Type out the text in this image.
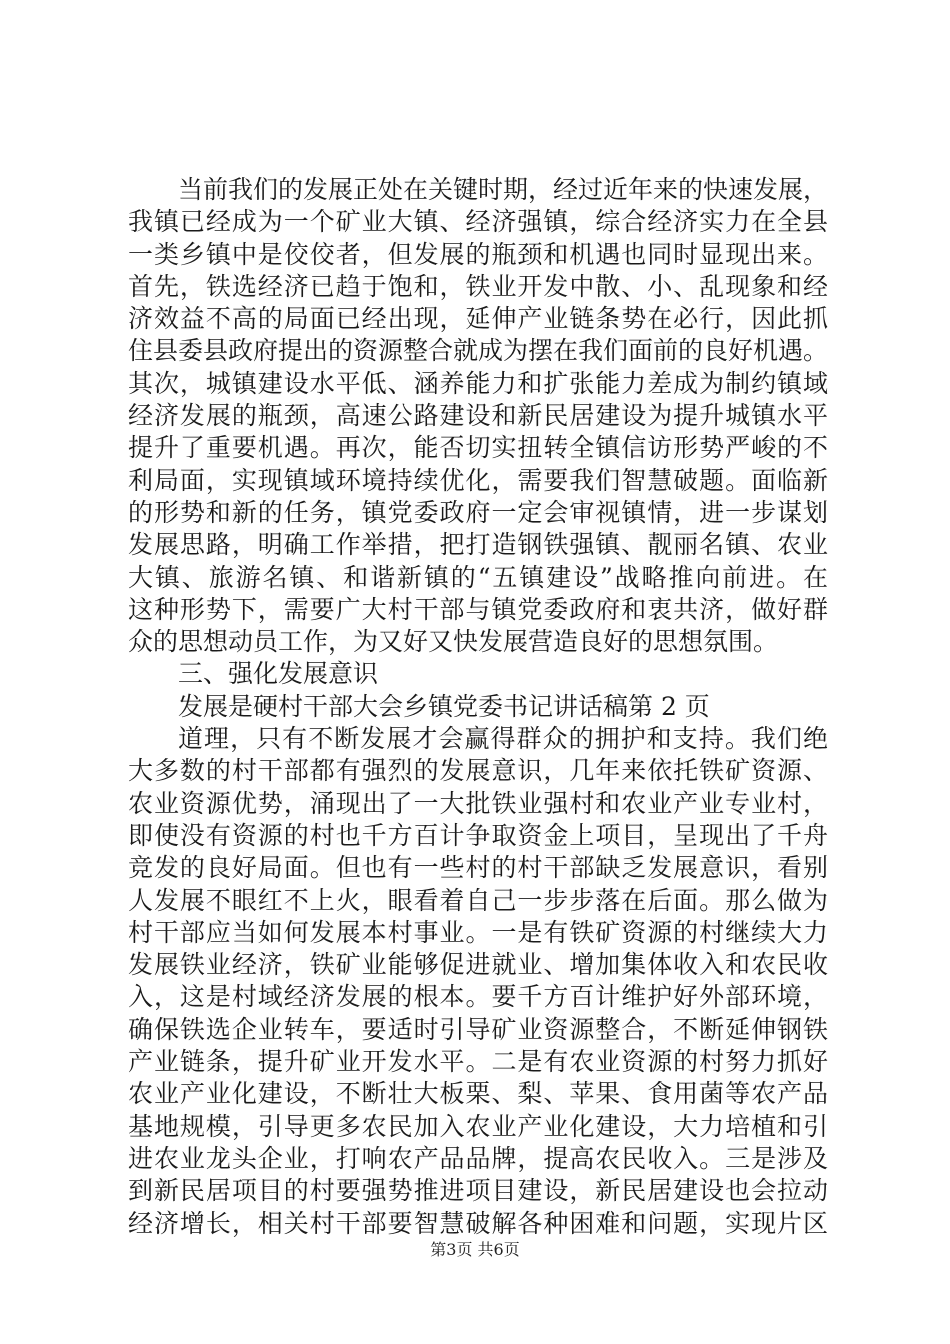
当前我们的发展正处在关键时期，经过近年来的快速发展，
我镇已经成为一个矿业大镇、经济强镇，综合经济实力在全县
一类乡镇中是佼佼者，但发展的瓶颈和机遇也同时显现出来。
首先，铁选经济已趋于饱和，铁业开发中散、小、乱现象和经
济效益不高的局面已经出现，延伸产业链条势在必行，因此抓
住县委县政府提出的资源整合就成为摆在我们面前的良好机遇。
其次，城镇建设水平低、涵养能力和扩张能力差成为制约镇域
经济发展的瓶颈，高速公路建设和新民居建设为提升城镇水平
提升了重要机遇。再次，能否切实扭转全镇信访形势严峻的不
利局面，实现镇域环境持续优化，需要我们智慧破题。面临新
的形势和新的任务，镇党委政府一定会审视镇情，进一步谋划
发展思路，明确工作举措，把打造钢铁强镇、靓丽名镇、农业
大镇、旅游名镇、和谐新镇的“五镇建设”战略推向前进。在
这种形势下，需要广大村干部与镇党委政府和衷共济，做好群
众的思想动员工作，为又好又快发展营造良好的思想氛围。
三、强化发展意识
发展是硬村干部大会乡镇党委书记讲话稿第 2 页
道理，只有不断发展才会赢得群众的拥护和支持。我们绝
大多数的村干部都有强烈的发展意识，几年来依托铁矿资源、
农业资源优势，涌现出了一大批铁业强村和农业产业专业村，
即使没有资源的村也千方百计争取资金上项目，呈现出了千舟
竞发的良好局面。但也有一些村的村干部缺乏发展意识，看别
人发展不眼红不上火，眼看着自己一步步落在后面。那么做为
村干部应当如何发展本村事业。一是有铁矿资源的村继续大力
发展铁业经济，铁矿业能够促进就业、增加集体收入和农民收
入，这是村域经济发展的根本。要千方百计维护好外部环境，
确保铁选企业转车，要适时引导矿业资源整合，不断延伸钢铁
产业链条，提升矿业开发水平。二是有农业资源的村努力抓好
农业产业化建设，不断壮大板栗、梨、苹果、食用菌等农产品
基地规模，引导更多农民加入农业产业化建设，大力培植和引
进农业龙头企业，打响农产品品牌，提高农民收入。三是涉及
到新民居项目的村要强势推进项目建设，新民居建设也会拉动
经济增长，相关村干部要智慧破解各种困难和问题，实现片区
第3页 共6页
